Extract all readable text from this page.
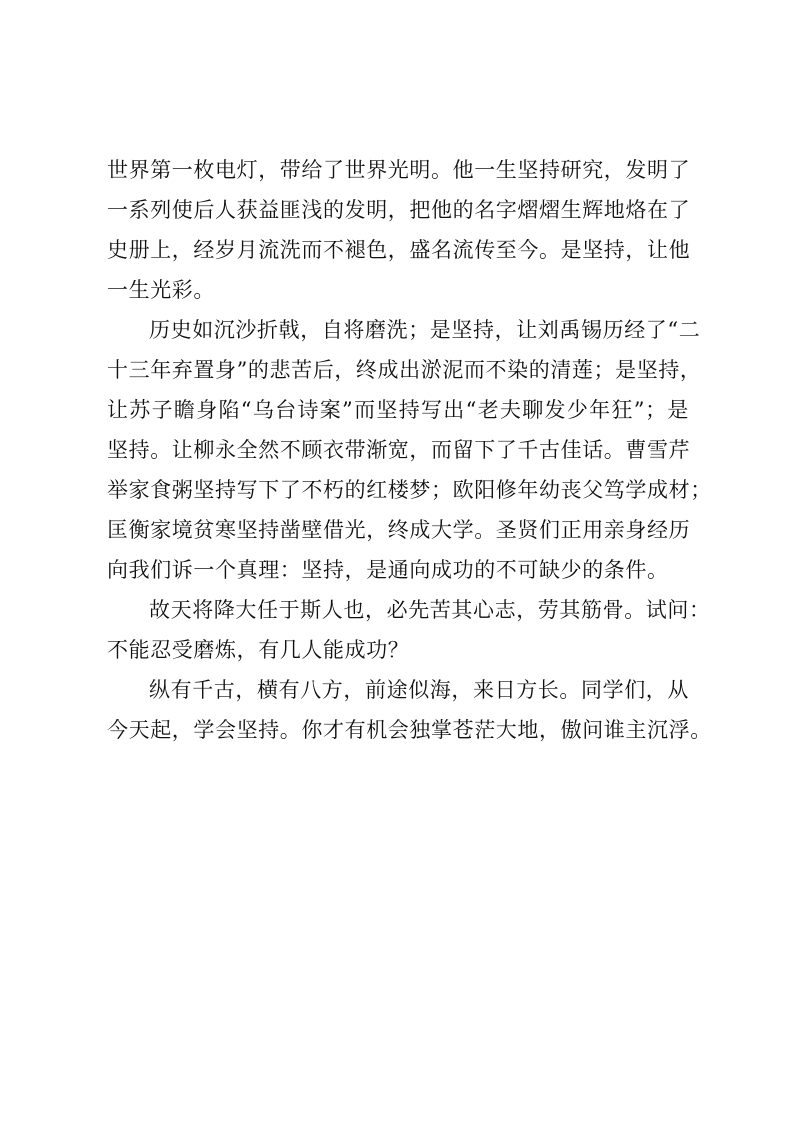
世界第一枚电灯，带给了世界光明。他一生坚持研究，发明了
一系列使后人获益匪浅的发明，把他的名字熠熠生辉地烙在了
史册上，经岁月流洗而不褪色，盛名流传至今。是坚持，让他
一生光彩。
历史如沉沙折戟，自将磨洗；是坚持，让刘禹锡历经了“二
十三年弃置身”的悲苦后，终成出淤泥而不染的清莲；是坚持，
让苏子瞻身陷“乌台诗案”而坚持写出“老夫聊发少年狂”；是
坚持。让柳永全然不顾衣带渐宽，而留下了千古佳话。曹雪芹
举家食粥坚持写下了不朽的红楼梦；欧阳修年幼丧父笃学成材；
匡衡家境贫寒坚持凿壁借光，终成大学。圣贤们正用亲身经历
向我们诉一个真理：坚持，是通向成功的不可缺少的条件。
故天将降大任于斯人也，必先苦其心志，劳其筋骨。试问：
不能忍受磨炼，有几人能成功？
纵有千古，横有八方，前途似海，来日方长。同学们，从
今天起，学会坚持。你才有机会独掌苍茫大地，傲问谁主沉浮。
